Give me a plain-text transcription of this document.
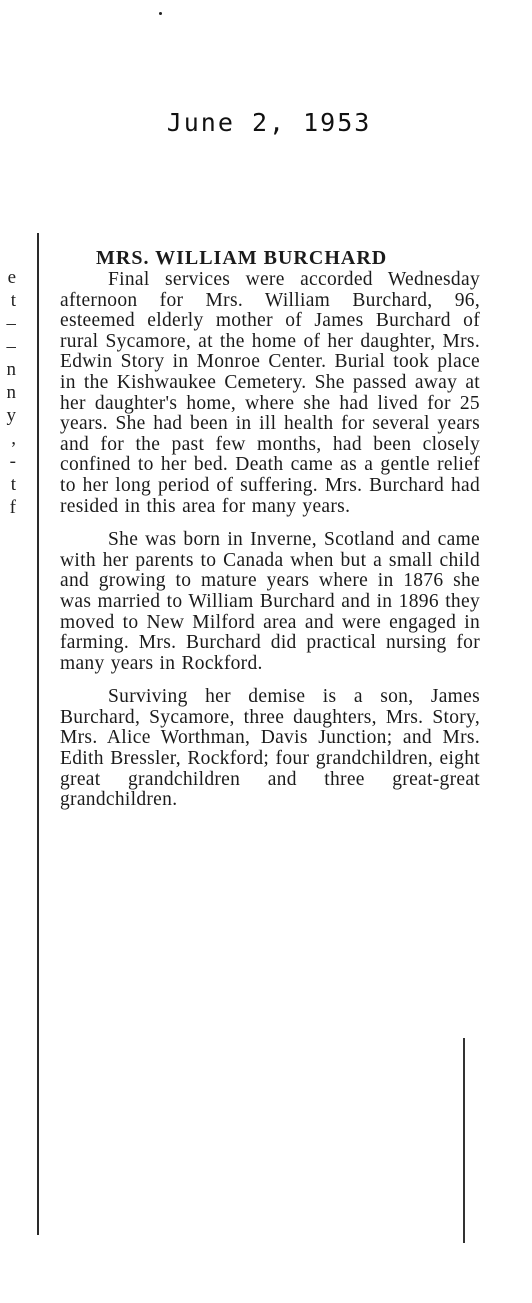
June 2, 1953
e
t
–
–
n
n
y
,
-
t
f
MRS. WILLIAM BURCHARD

Final services were accorded Wednesday afternoon for Mrs. William Burchard, 96, esteemed elderly mother of James Burchard of rural Sycamore, at the home of her daughter, Mrs. Edwin Story in Monroe Center. Burial took place in the Kishwaukee Cemetery. She passed away at her daughter's home, where she had lived for 25 years. She had been in ill health for several years and for the past few months, had been closely confined to her bed. Death came as a gentle relief to her long period of suffering. Mrs. Burchard had resided in this area for many years.

She was born in Inverne, Scotland and came with her parents to Canada when but a small child and growing to mature years where in 1876 she was married to William Burchard and in 1896 they moved to New Milford area and were engaged in farming. Mrs. Burchard did practical nursing for many years in Rockford.

Surviving her demise is a son, James Burchard, Sycamore, three daughters, Mrs. Story, Mrs. Alice Worthman, Davis Junction; and Mrs. Edith Bressler, Rockford; four grandchildren, eight great grandchildren and three great-great grandchildren.
